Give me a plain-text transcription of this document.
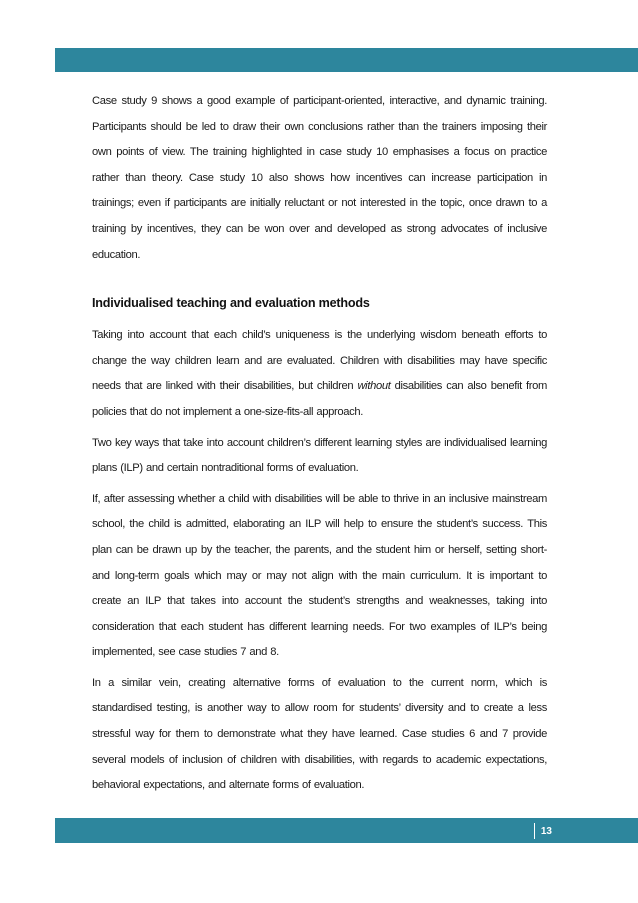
Case study 9 shows a good example of participant-oriented, interactive, and dynamic training. Participants should be led to draw their own conclusions rather than the trainers imposing their own points of view. The training highlighted in case study 10 emphasises a focus on practice rather than theory. Case study 10 also shows how incentives can increase participation in trainings; even if participants are initially reluctant or not interested in the topic, once drawn to a training by incentives, they can be won over and developed as strong advocates of inclusive education.

Individualised teaching and evaluation methods

Taking into account that each child’s uniqueness is the underlying wisdom beneath efforts to change the way children learn and are evaluated. Children with disabilities may have specific needs that are linked with their disabilities, but children without disabilities can also benefit from policies that do not implement a one-size-fits-all approach.

Two key ways that take into account children’s different learning styles are individualised learning plans (ILP) and certain nontraditional forms of evaluation.

If, after assessing whether a child with disabilities will be able to thrive in an inclusive mainstream school, the child is admitted, elaborating an ILP will help to ensure the student’s success. This plan can be drawn up by the teacher, the parents, and the student him or herself, setting short- and long-term goals which may or may not align with the main curriculum. It is important to create an ILP that takes into account the student’s strengths and weaknesses, taking into consideration that each student has different learning needs. For two examples of ILP’s being implemented, see case studies 7 and 8.

In a similar vein, creating alternative forms of evaluation to the current norm, which is standardised testing, is another way to allow room for students’ diversity and to create a less stressful way for them to demonstrate what they have learned. Case studies 6 and 7 provide several models of inclusion of children with disabilities, with regards to academic expectations, behavioral expectations, and alternate forms of evaluation.

13
